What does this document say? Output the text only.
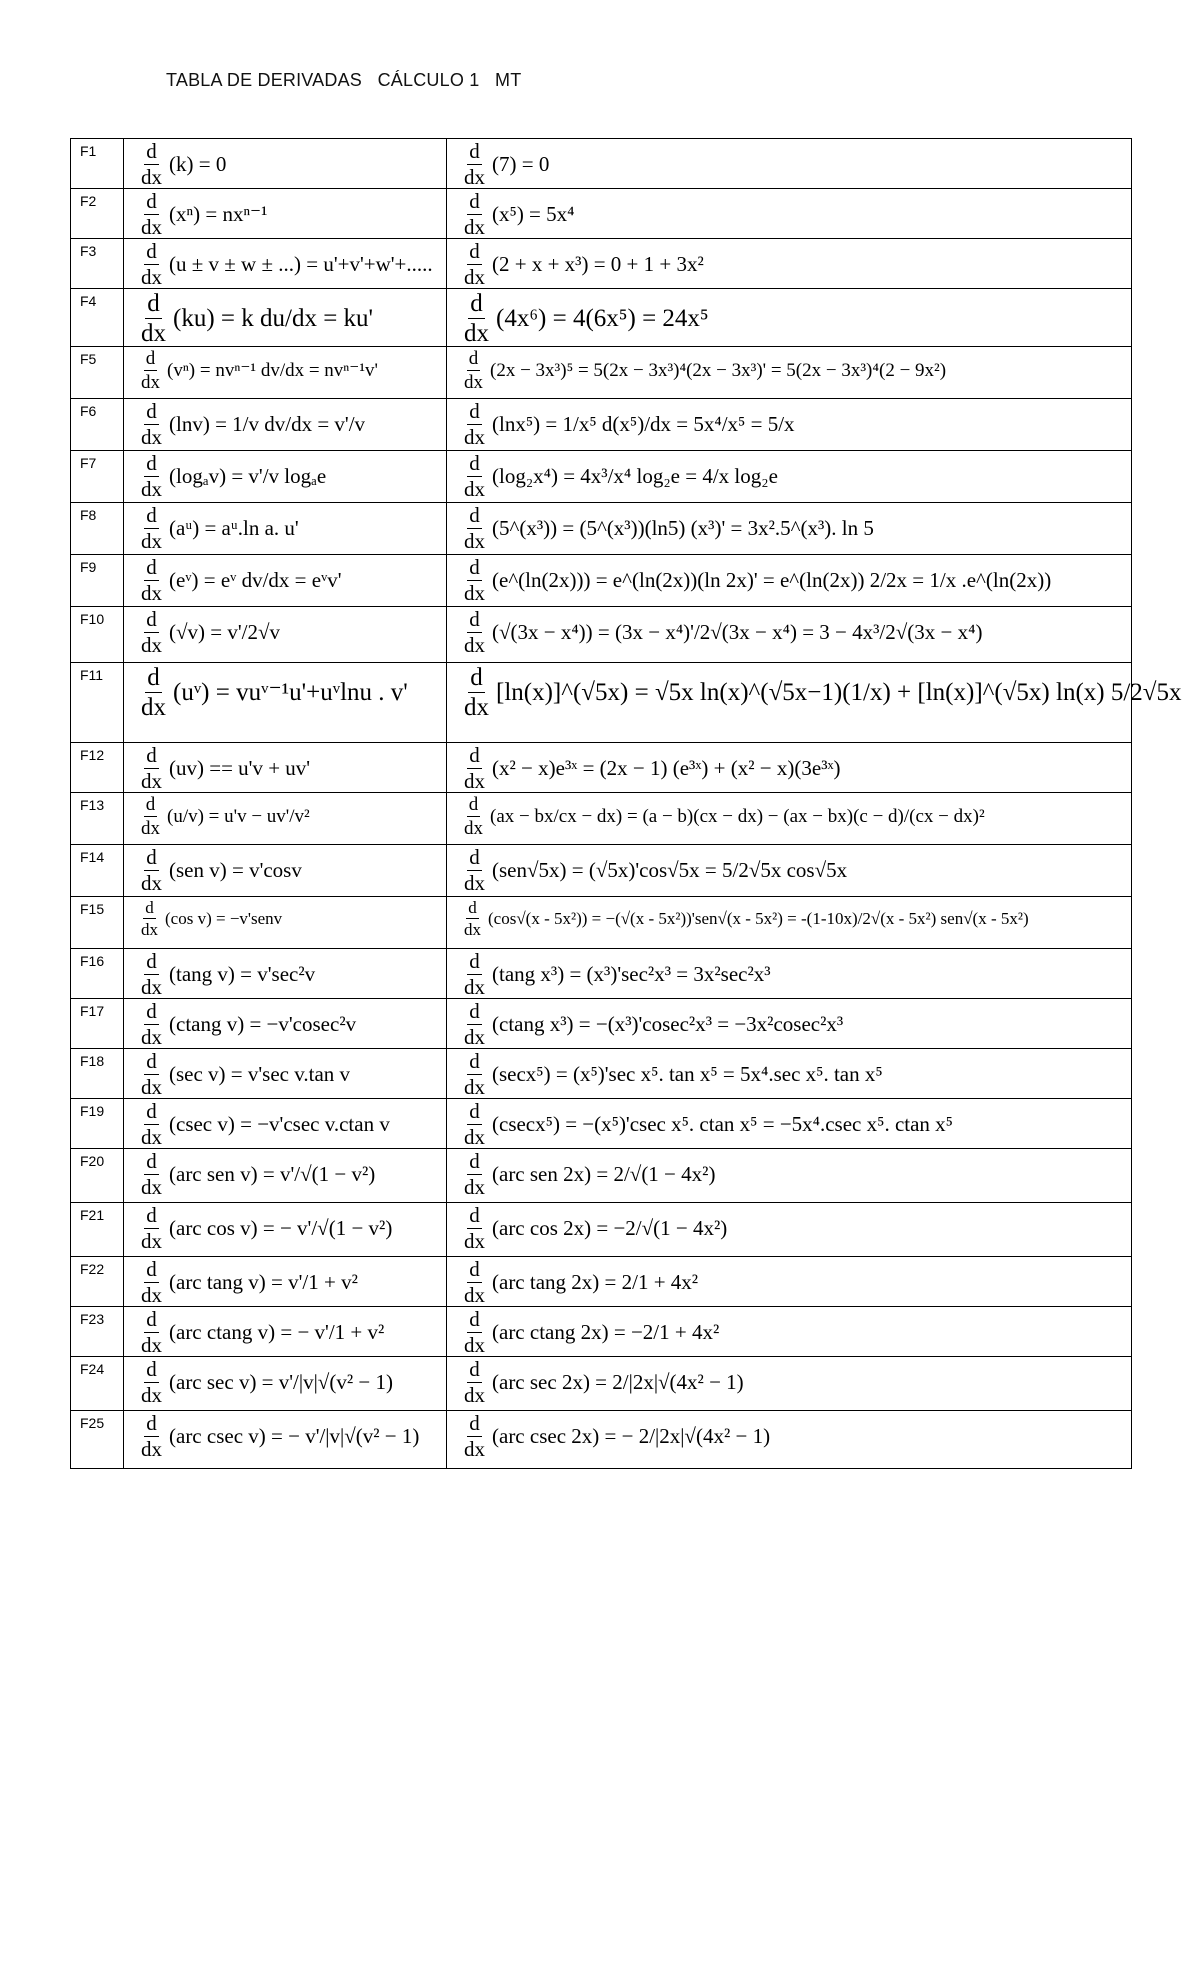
TABLA DE DERIVADAS   CÁLCULO 1   MT
F1	$\frac{d}{dx} (k) = 0$	$\frac{d}{dx} (7) = 0$

F2	$\frac{d}{dx} (x^n) = nx^{n-1}$	$\frac{d}{dx} (x^5) = 5x^4$

F3	$\frac{d}{dx} (u \pm v \pm w$ ± ...) = u'+v'+w'+.....	$\frac{d}{dx} (2 + x + x^3) = 0 + 1 + 3x^2$

F4	$\frac{d}{dx} (ku) = k$ du/dx = ku'	$\frac{d}{dx} (4x^6) = 4(6x^5) = 24x^5$

F5	$\frac{d}{dx} (v^n) = nv^{n-1}$ dv/dx = nvⁿ⁻¹v'	$\frac{d}{dx} (2x - 3x^3)^5 = 5(2x - 3x^3)^4(2x - 3x^3)' = 5(2x - 3x^3)^4(2 - 9x^2)$

F6	$\frac{d}{dx} (\ln v) = 1/v$ dv/dx = v'/v	$\frac{d}{dx} (\ln x^5) = 1/x^5$ d(x⁵)/dx = 5x⁴/x⁵ = 5/x

F7	$\frac{d}{dx} (\log_av) = v'/v$ logₐe	$\frac{d}{dx} (\log_2x^4) = 4x^3/x^4$ log₂e = 4/x log₂e

F8	$\frac{d}{dx}$ (aᵘ) = aᵘ.ln a. u'	$\frac{d}{dx}$ (5^(x³)) = (5^(x³))(ln5) (x³)' = 3x².5^(x³). ln 5

F9	$\frac{d}{dx}$ (eᵛ) = eᵛ dv/dx = eᵛv'	$\frac{d}{dx}$ (e^(ln(2x))) = e^(ln(2x))(ln 2x)' = e^(ln(2x)) 2/2x = 1/x .e^(ln(2x))

F10	$\frac{d}{dx} (√v) = v'/2√v$	$\frac{d}{dx} (√(3x - x^4)) = (3x - x^4)'/2√(3x - x^4) = 3 - 4x^3/2√(3x - x^4)$

F11	$\frac{d}{dx}$ (uᵛ) = vuᵛ⁻¹u'+uᵛlnu . v'	$\frac{d}{dx}$ [ln(x)]^(√5x) = √5x ln(x)^(√5x−1)(1/x) + [ln(x)]^(√5x) ln(x) 5/2√5x

F12	$\frac{d}{dx} (uv) == u'v + uv'$	$\frac{d}{dx} (x^2$ − x)e³ˣ = (2x − 1) (e³ˣ) + (x² − x)(3e³ˣ)

F13	$\frac{d}{dx} (u/v) = u'v - uv'/v^2$	$\frac{d}{dx} (ax - bx/cx - dx) = (a - b)(cx - dx) - (ax - bx)(c - d)/(cx - dx)^2$

F14	$\frac{d}{dx} (sen$ v) = v'cosv	$\frac{d}{dx} (sen√5x) = (√5x)'\cos√5x = 5/2√5x$ cos√5x

F15	$\frac{d}{dx} (\cos$ v) = −v'senv	$\frac{d}{dx} (\cos√(x - 5x^2)) = -(√(x - 5x^2))'sen√(x - 5x^2) = -(1-10x)/2√(x - 5x^2)$ sen√(x - 5x²)

F16	$\frac{d}{dx} (\tan g$ v) = v'sec²v	$\frac{d}{dx} (\tan g$ x³) = (x³)'sec²x³ = 3x²sec²x³

F17	$\frac{d}{dx} (ctang$ v) = −v'cosec²v	$\frac{d}{dx} (ctang$ x³) = −(x³)'cosec²x³ = −3x²cosec²x³

F18	$\frac{d}{dx} (\sec$ v) = v'sec v.tan v	$\frac{d}{dx} (\sec x^5) = (x^5)'\sec$ x⁵. tan x⁵ = 5x⁴.sec x⁵. tan x⁵

F19	$\frac{d}{dx} (csec$ v) = −v'csec v.ctan v	$\frac{d}{dx} (csecx^5) = -(x^5)'csec$ x⁵. ctan x⁵ = −5x⁴.csec x⁵. ctan x⁵

F20	$\frac{d}{dx} (arc$ sen v) = v'/√(1 − v²)	$\frac{d}{dx} (arc$ sen 2x) = 2/√(1 − 4x²)

F21	$\frac{d}{dx} (arc$ cos v) = − v'/√(1 − v²)	$\frac{d}{dx} (arc$ cos 2x) = −2/√(1 − 4x²)

F22	$\frac{d}{dx} (arc$ tang v) = v'/1 + v²	$\frac{d}{dx} (arc$ tang 2x) = 2/1 + 4x²

F23	$\frac{d}{dx} (arc$ ctang v) = − v'/1 + v²	$\frac{d}{dx} (arc$ ctang 2x) = −2/1 + 4x²

F24	$\frac{d}{dx} (arc$ sec v) = v'/|v|√(v² − 1)	$\frac{d}{dx} (arc$ sec 2x) = 2/|2x|√(4x² − 1)

F25	$\frac{d}{dx} (arc$ csec v) = − v'/|v|√(v² − 1)	$\frac{d}{dx} (arc$ csec 2x) = − 2/|2x|√(4x² − 1)
